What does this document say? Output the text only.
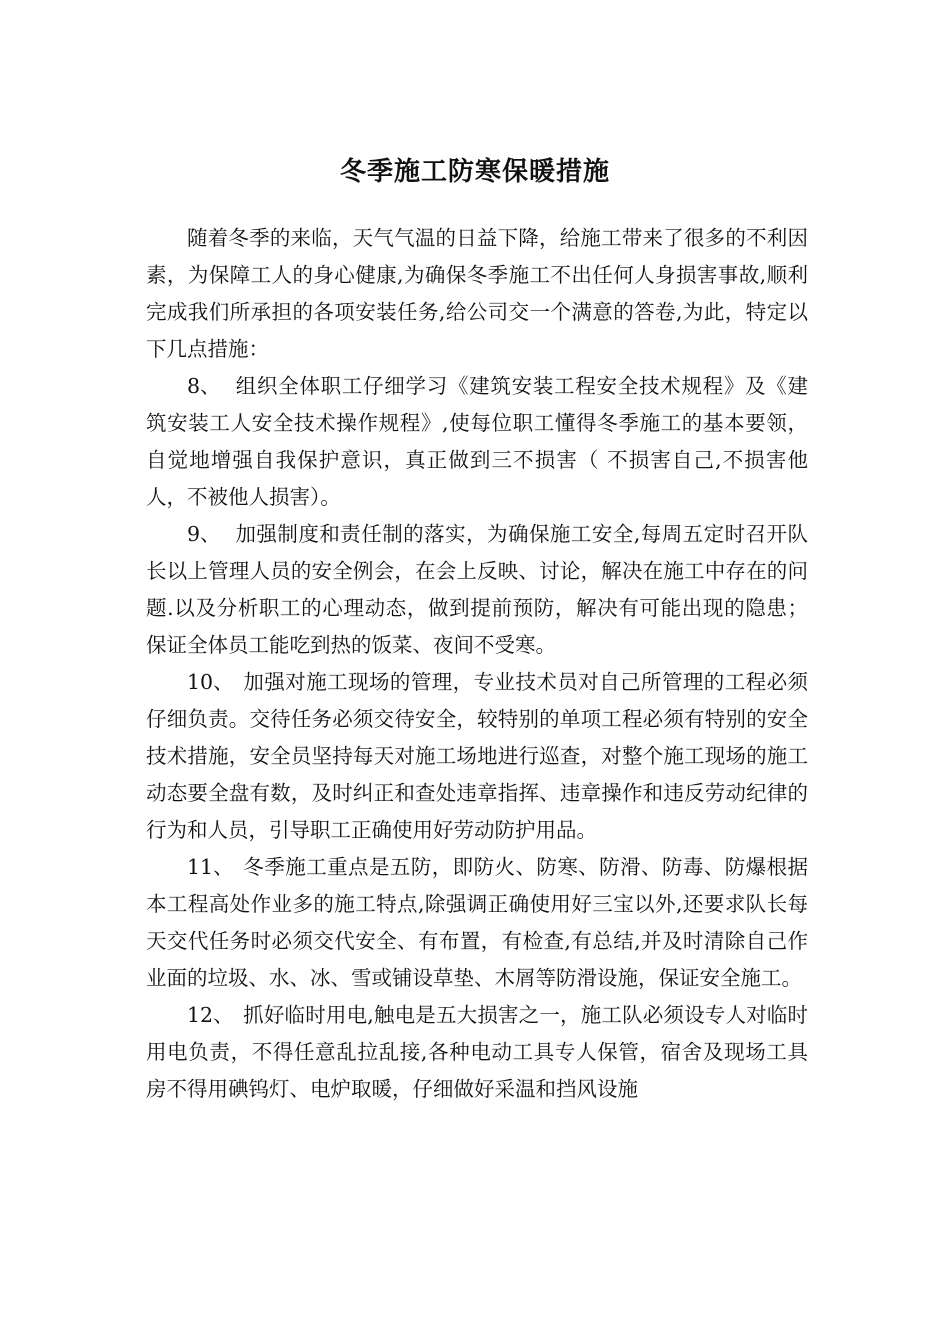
冬季施工防寒保暖措施

随着冬季的来临，天气气温的日益下降，给施工带来了很多的不利因素，为保障工人的身心健康,为确保冬季施工不出任何人身损害事故,顺利完成我们所承担的各项安装任务,给公司交一个满意的答卷,为此，特定以下几点措施：

8、 组织全体职工仔细学习《建筑安装工程安全技术规程》及《建筑安装工人安全技术操作规程》,使每位职工懂得冬季施工的基本要领，自觉地增强自我保护意识，真正做到三不损害（ 不损害自己,不损害他人，不被他人损害）。

9、 加强制度和责任制的落实，为确保施工安全,每周五定时召开队长以上管理人员的安全例会，在会上反映、讨论，解决在施工中存在的问题.以及分析职工的心理动态，做到提前预防，解决有可能出现的隐患；保证全体员工能吃到热的饭菜、夜间不受寒。

10、 加强对施工现场的管理，专业技术员对自己所管理的工程必须仔细负责。交待任务必须交待安全，较特别的单项工程必须有特别的安全技术措施，安全员坚持每天对施工场地进行巡查，对整个施工现场的施工动态要全盘有数，及时纠正和查处违章指挥、违章操作和违反劳动纪律的行为和人员，引导职工正确使用好劳动防护用品。

11、 冬季施工重点是五防，即防火、防寒、防滑、防毒、防爆根据本工程高处作业多的施工特点,除强调正确使用好三宝以外,还要求队长每天交代任务时必须交代安全、有布置，有检查,有总结,并及时清除自己作业面的垃圾、水、冰、雪或铺设草垫、木屑等防滑设施，保证安全施工。

12、 抓好临时用电,触电是五大损害之一，施工队必须设专人对临时用电负责，不得任意乱拉乱接,各种电动工具专人保管，宿舍及现场工具房不得用碘钨灯、电炉取暖，仔细做好采温和挡风设施
